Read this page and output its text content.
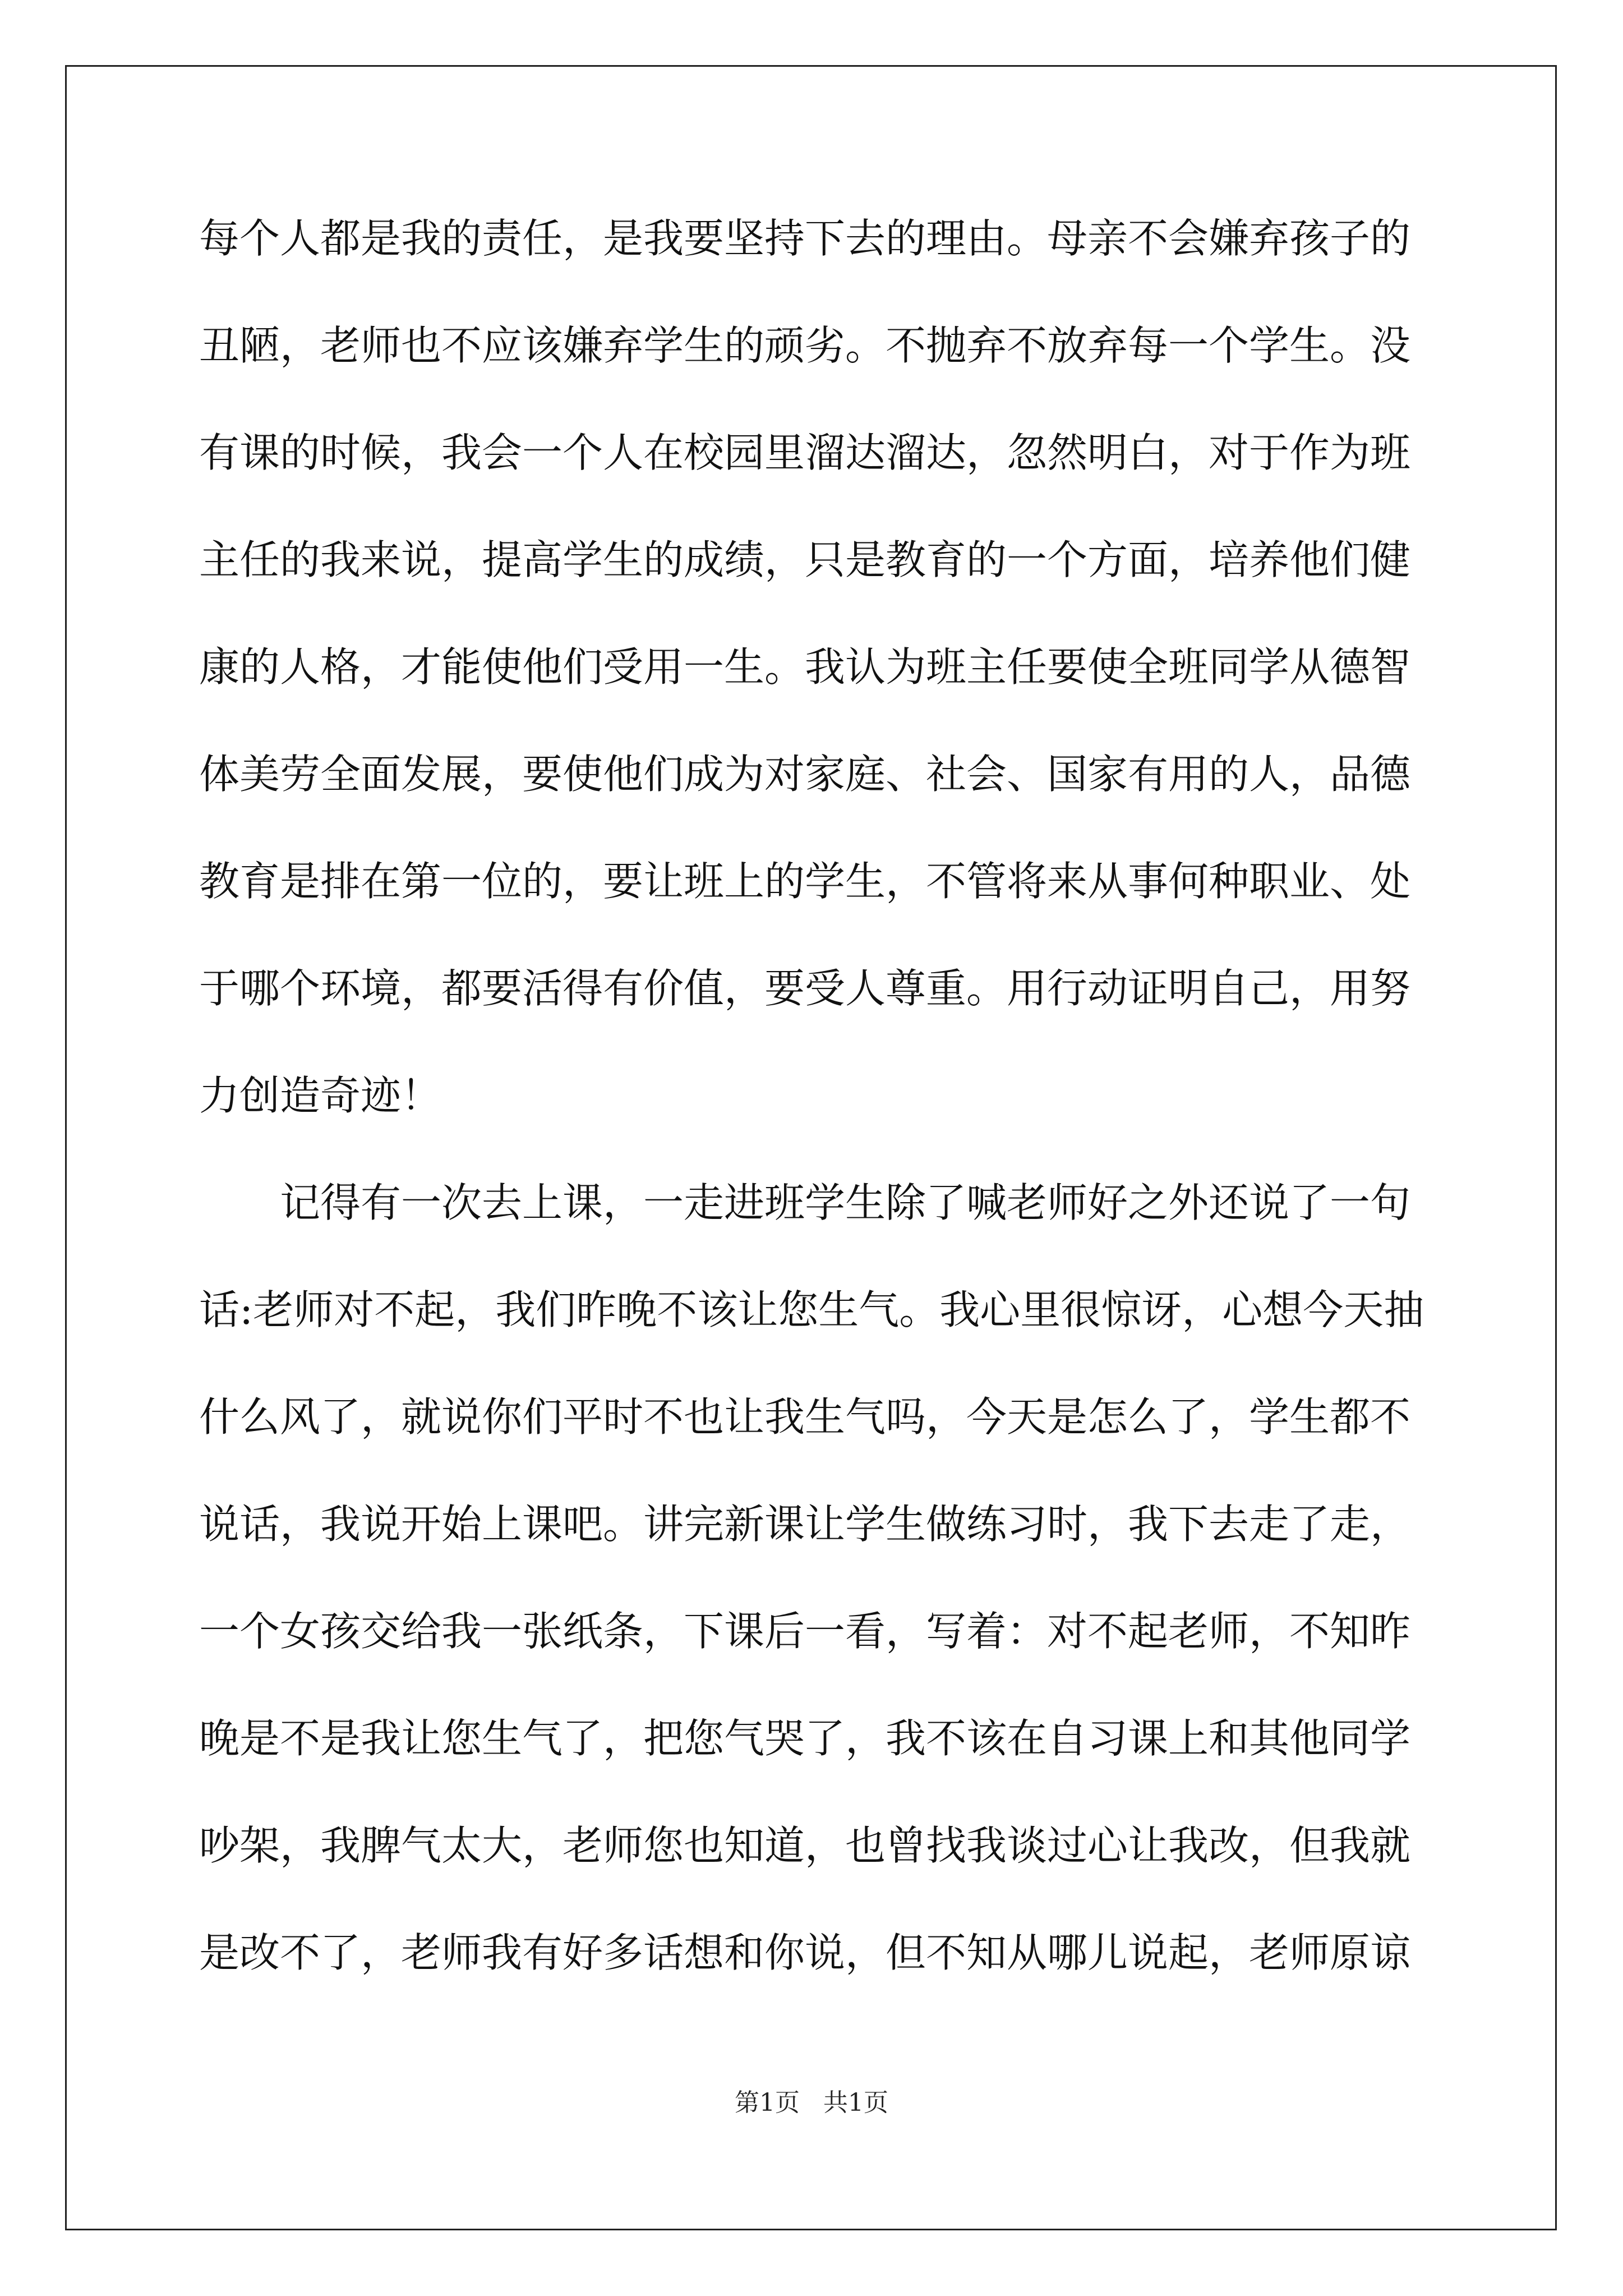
每个人都是我的责任，是我要坚持下去的理由。母亲不会嫌弃孩子的
丑陋，老师也不应该嫌弃学生的顽劣。不抛弃不放弃每一个学生。没
有课的时候，我会一个人在校园里溜达溜达，忽然明白，对于作为班
主任的我来说，提高学生的成绩，只是教育的一个方面，培养他们健
康的人格，才能使他们受用一生。我认为班主任要使全班同学从德智
体美劳全面发展，要使他们成为对家庭、社会、国家有用的人，品德
教育是排在第一位的，要让班上的学生，不管将来从事何种职业、处
于哪个环境，都要活得有价值，要受人尊重。用行动证明自己，用努
力创造奇迹！
记得有一次去上课，一走进班学生除了喊老师好之外还说了一句
话:老师对不起，我们昨晚不该让您生气。我心里很惊讶，心想今天抽
什么风了，就说你们平时不也让我生气吗，今天是怎么了，学生都不
说话，我说开始上课吧。讲完新课让学生做练习时，我下去走了走，
一个女孩交给我一张纸条，下课后一看，写着：对不起老师，不知昨
晚是不是我让您生气了，把您气哭了，我不该在自习课上和其他同学
吵架，我脾气太大，老师您也知道，也曾找我谈过心让我改，但我就
是改不了，老师我有好多话想和你说，但不知从哪儿说起，老师原谅
第1页 共1页
